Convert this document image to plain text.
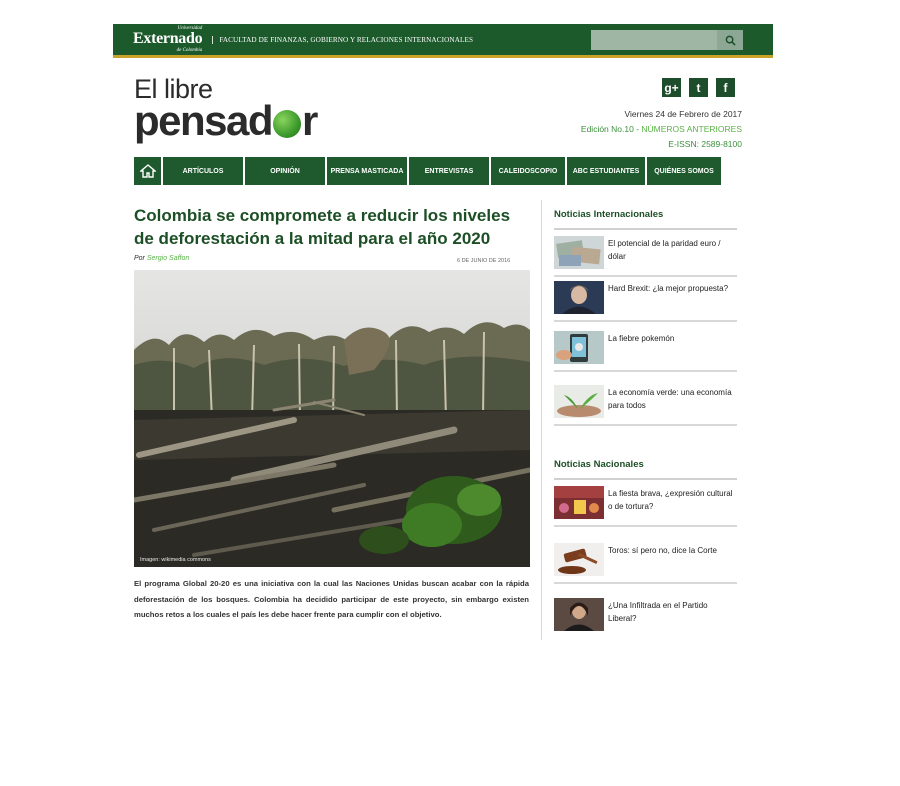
Universidad
Externado
de Colombia
FACULTAD DE FINANZAS, GOBIERNO Y RELACIONES INTERNACIONALES
El libre
pensad r
g+	t	f
Viernes 24 de Febrero de 2017
Edición No.10 - NÚMEROS ANTERIORES
E-ISSN: 2589-8100
ARTÍCULOS	OPINIÓN	PRENSA MASTICADA	ENTREVISTAS	CALEIDOSCOPIO	ABC ESTUDIANTES	QUIÉNES SOMOS
Colombia se compromete a reducir los niveles de deforestación a la mitad para el año 2020
Por Sergio Saffon	6 DE JUNIO DE 2016
Imagen: wikimedia commons

El programa Global 20-20 es una iniciativa con la cual las Naciones Unidas buscan acabar con la rápida deforestación de los bosques. Colombia ha decidido participar de este proyecto, sin embargo existen muchos retos a los cuales el país les debe hacer frente para cumplir con el objetivo.

Noticias Internacionales
El potencial de la paridad euro / dólar
Hard Brexit: ¿la mejor propuesta?
La fiebre pokemón
La economía verde: una economía para todos
Noticias Nacionales
La fiesta brava, ¿expresión cultural o de tortura?
Toros: sí pero no, dice la Corte
¿Una Infiltrada en el Partido Liberal?
